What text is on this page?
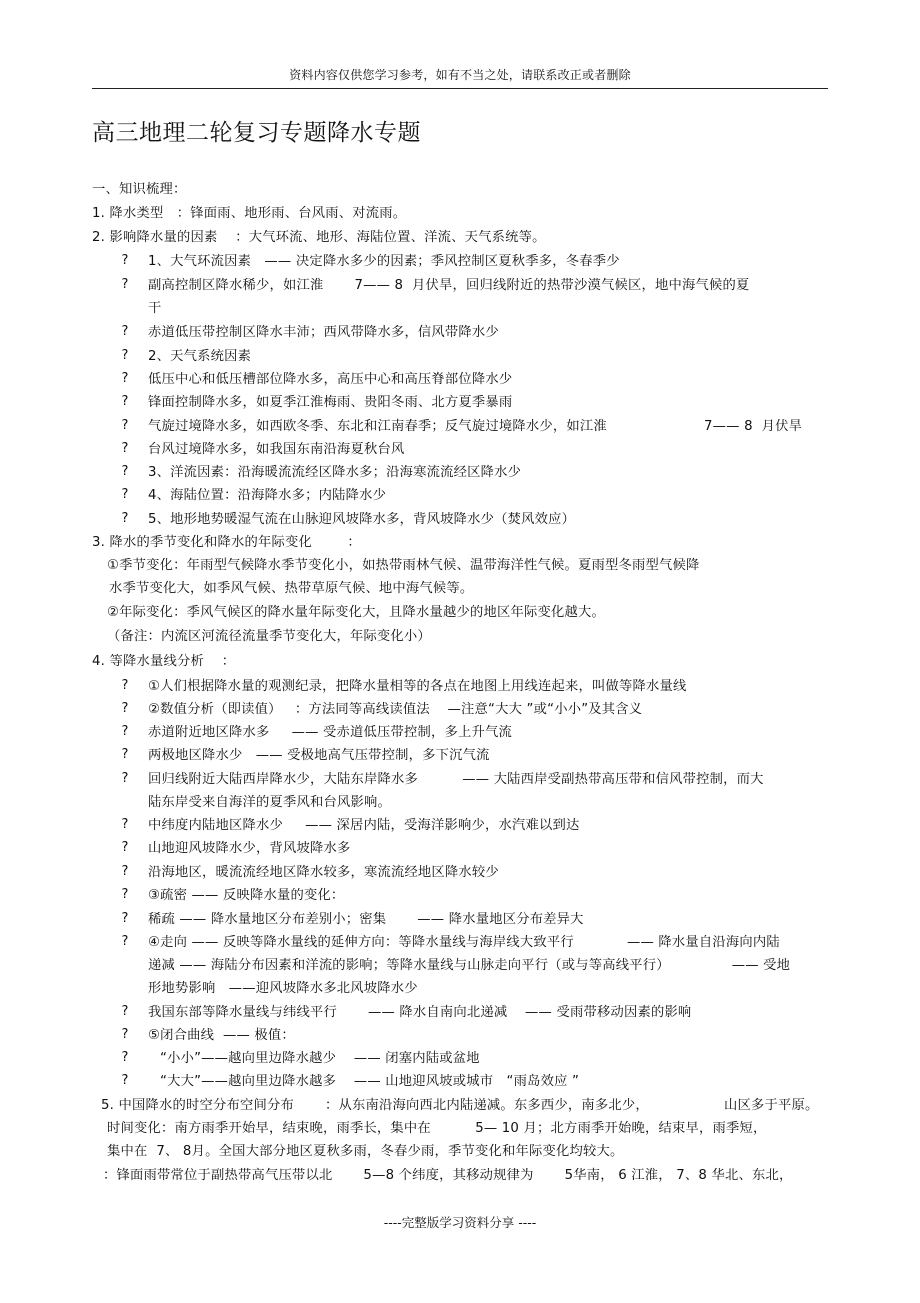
资料内容仅供您学习参考，如有不当之处，请联系改正或者删除
高三地理二轮复习专题降水专题
一、知识梳理：
1. 降水类型   ：锋面雨、地形雨、台风雨、对流雨。
2. 影响降水量的因素    ：大气环流、地形、海陆位置、洋流、天气系统等。
? 1、大气环流因素   —— 决定降水多少的因素；季风控制区夏秋季多，冬春季少
? 副高控制区降水稀少，如江淮       7—— 8  月伏旱，回归线附近的热带沙漠气候区，地中海气候的夏
干
? 赤道低压带控制区降水丰沛；西风带降水多，信风带降水少
? 2、天气系统因素
? 低压中心和低压槽部位降水多，高压中心和高压脊部位降水少
? 锋面控制降水多，如夏季江淮梅雨、贵阳冬雨、北方夏季暴雨
? 气旋过境降水多，如西欧冬季、东北和江南春季；反气旋过境降水少，如江淮	7—— 8  月伏旱
? 台风过境降水多，如我国东南沿海夏秋台风
? 3、洋流因素：沿海暖流流经区降水多；沿海寒流流经区降水少
? 4、海陆位置：沿海降水多；内陆降水少
? 5、地形地势暖湿气流在山脉迎风坡降水多，背风坡降水少（焚风效应）
3. 降水的季节变化和降水的年际变化        ：
①季节变化：年雨型气候降水季节变化小，如热带雨林气候、温带海洋性气候。夏雨型冬雨型气候降
水季节变化大，如季风气候、热带草原气候、地中海气候等。
②年际变化：季风气候区的降水量年际变化大，且降水量越少的地区年际变化越大。
（备注：内流区河流径流量季节变化大，年际变化小）
4. 等降水量线分析    ：
? ①人们根据降水量的观测纪录，把降水量相等的各点在地图上用线连起来，叫做等降水量线
? ②数值分析（即读值）   ：方法同等高线读值法    —注意“大大 ”或“小小”及其含义
? 赤道附近地区降水多     —— 受赤道低压带控制，多上升气流
? 两极地区降水少   —— 受极地高气压带控制，多下沉气流
? 回归线附近大陆西岸降水少，大陆东岸降水多          —— 大陆西岸受副热带高压带和信风带控制，而大
陆东岸受来自海洋的夏季风和台风影响。
? 中纬度内陆地区降水少     —— 深居内陆，受海洋影响少，水汽难以到达
? 山地迎风坡降水少，背风坡降水多
? 沿海地区，暖流流经地区降水较多，寒流流经地区降水较少
? ③疏密 —— 反映降水量的变化：
? 稀疏 —— 降水量地区分布差别小；密集       —— 降水量地区分布差异大
? ④走向 —— 反映等降水量线的延伸方向：等降水量线与海岸线大致平行            —— 降水量自沿海向内陆
递减 —— 海陆分布因素和洋流的影响；等降水量线与山脉走向平行（或与等高线平行）              —— 受地
形地势影响   ——迎风坡降水多北风坡降水少
? 我国东部等降水量线与纬线平行       —— 降水自南向北递减    —— 受雨带移动因素的影响
? ⑤闭合曲线  —— 极值：
? “小小”——越向里边降水越少    —— 闭塞内陆或盆地
? “大大”——越向里边降水越多    —— 山地迎风坡或城市   “雨岛效应 ”
5. 中国降水的时空分布空间分布       ：从东南沿海向西北内陆递减。东多西少，南多北少，	山区多于平原。
时间变化：南方雨季开始早，结束晚，雨季长，集中在          5— 10 月；北方雨季开始晚，结束早，雨季短，
集中在  7、 8月。全国大部分地区夏秋多雨，冬春少雨，季节变化和年际变化均较大。
：锋面雨带常位于副热带高气压带以北       5—8 个纬度，其移动规律为       5华南， 6 江淮， 7、8 华北、东北，
----完整版学习资料分享 ----
